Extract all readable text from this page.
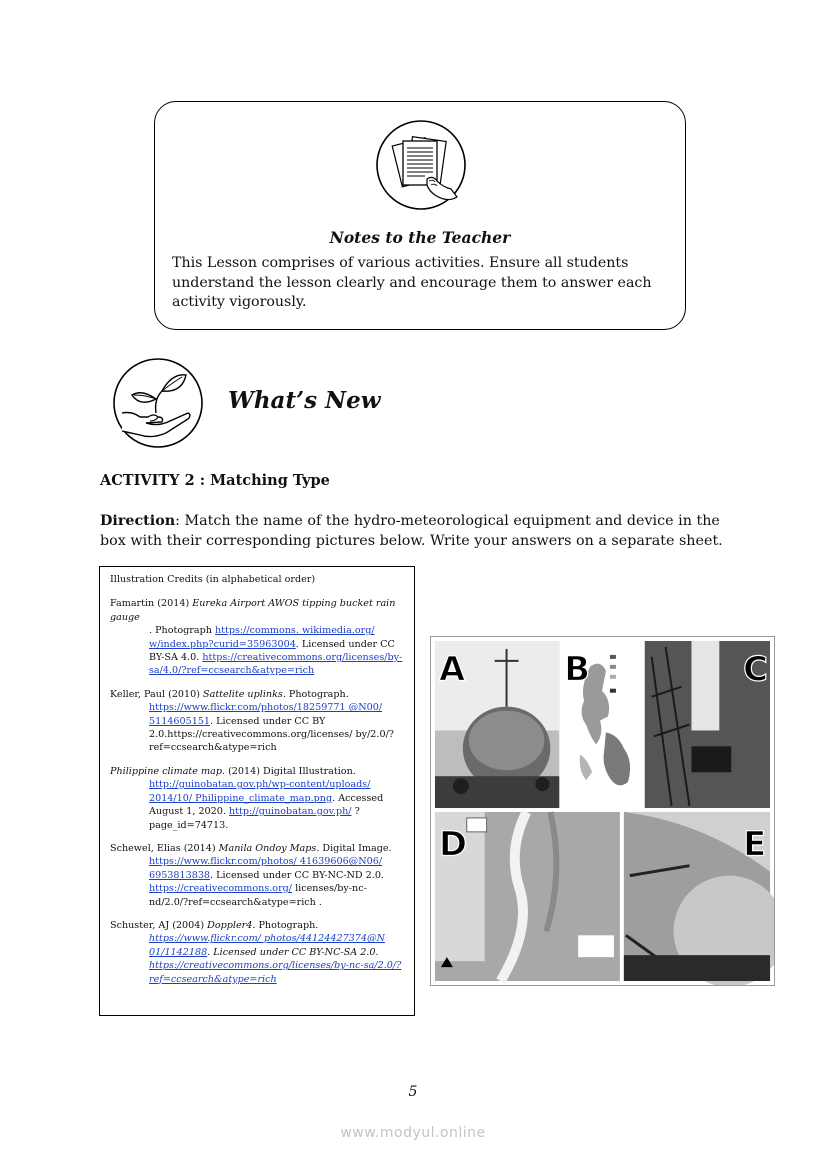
Notes to the Teacher
This Lesson comprises of various activities. Ensure all students understand the lesson clearly and encourage them to answer each activity vigorously.
What’s New
ACTIVITY 2 : Matching Type
Direction: Match the name of the hydro-meteorological equipment and device in the box with their corresponding pictures below. Write your answers on a separate sheet.
Illustration Credits (in alphabetical order)
Famartin (2014) Eureka Airport AWOS tipping bucket rain gauge
. Photograph https://commons. wikimedia.org/ w/index.php?curid=35963004. Licensed under CC BY-SA 4.0. https://creativecommons.org/licenses/by-sa/4.0/?ref=ccsearch&atype=rich
Keller, Paul (2010) Sattelite uplinks. Photograph.
https://www.flickr.com/photos/18259771 @N00/ 5114605151. Licensed under CC BY 2.0.https://creativecommons.org/licenses/ by/2.0/?ref=ccsearch&atype=rich
Philippine climate map. (2014) Digital Illustration.
http://guinobatan.gov.ph/wp-content/uploads/ 2014/10/ Philippine_climate_map.png. Accessed August 1, 2020. http://guinobatan.gov.ph/ ?page_id=74713.
Schewel, Elias (2014) Manila Ondoy Maps. Digital Image.
https://www.flickr.com/photos/ 41639606@N06/ 6953813838. Licensed under CC BY-NC-ND 2.0. https://creativecommons.org/ licenses/by-nc-nd/2.0/?ref=ccsearch&atype=rich .
Schuster, AJ (2004) Doppler4. Photograph.
https://www.flickr.com/ photos/44124427374@N 01/1142188. Licensed under CC BY-NC-SA 2.0. https://creativecommons.org/licenses/by-nc-sa/2.0/?ref=ccsearch&atype=rich
A	B	C
D	E
5
www.modyul.online
